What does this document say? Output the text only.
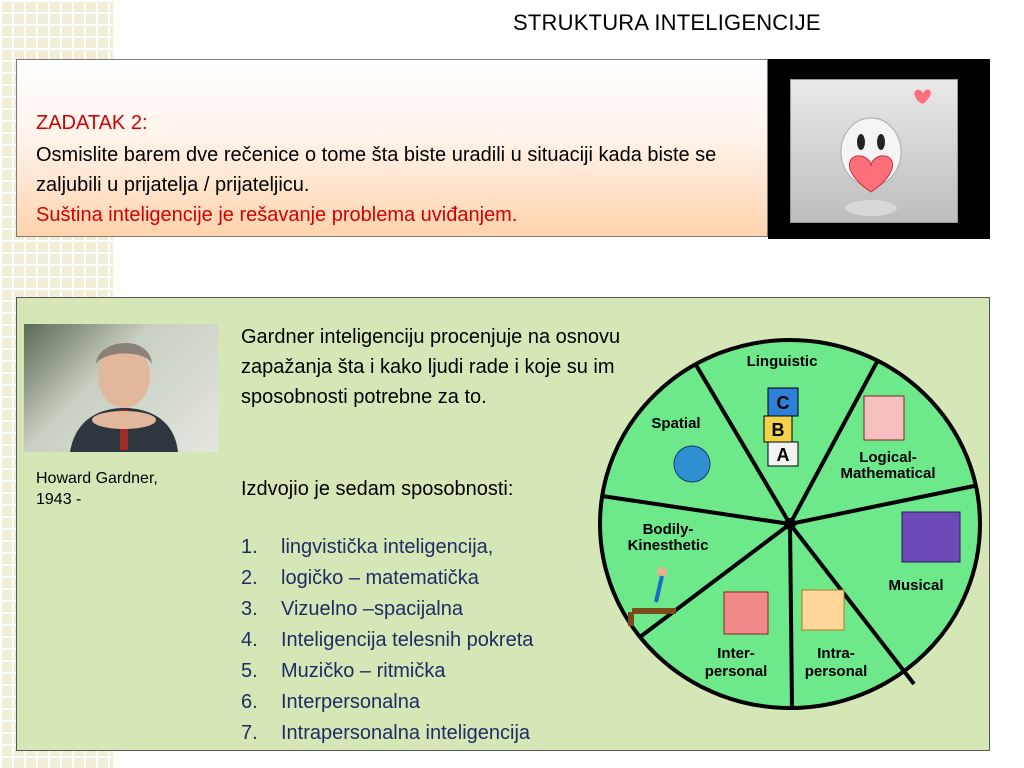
STRUKTURA INTELIGENCIJE
ZADATAK 2:
Osmislite barem dve rečenice o tome šta biste uradili u situaciji kada biste se zaljubili u prijatelja / prijateljicu.
Suština inteligencije je rešavanje problema uviđanjem.
Howard Gardner,
1943 -
Gardner inteligenciju procenjuje na osnovu zapažanja šta i kako ljudi rade i koje su im sposobnosti potrebne za to.
Izdvojio je sedam sposobnosti:
1.	lingvistička inteligencija,
2.	logičko – matematička
3.	Vizuelno –spacijalna
4.	Inteligencija telesnih pokreta
5.	Muzičko – ritmička
6.	Interpersonalna
7.	Intrapersonalna inteligencija
Linguistic
Logical-
Mathematical
Musical
Intra-
personal
Inter-
personal
Bodily-
Kinesthetic
Spatial
C
B
A
